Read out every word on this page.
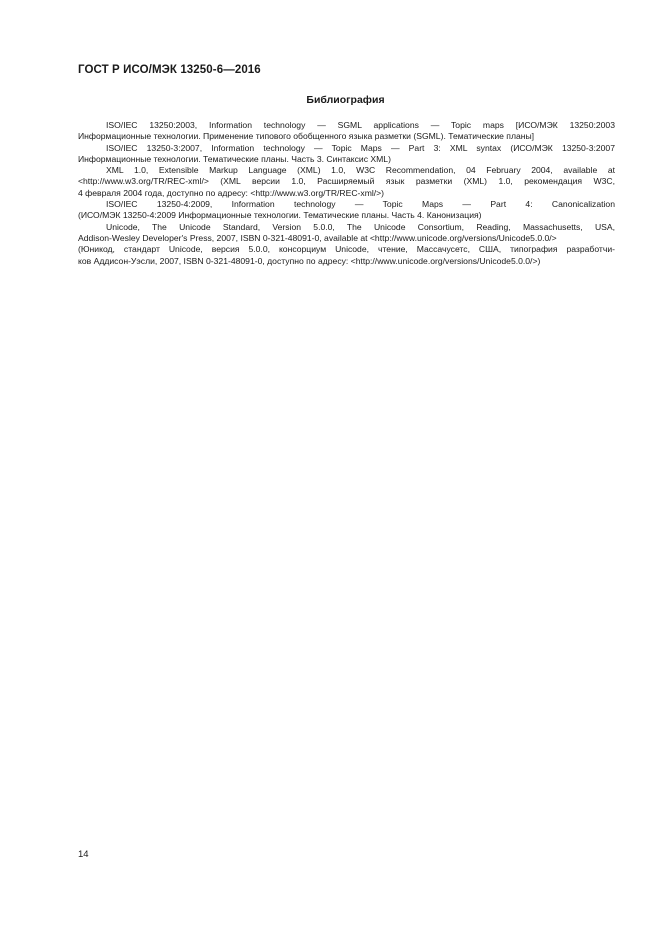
ГОСТ Р ИСО/МЭК 13250-6—2016
Библиография
ISO/IEC 13250:2003, Information technology — SGML applications — Topic maps [ИСО/МЭК 13250:2003
Информационные технологии. Применение типового обобщенного языка разметки (SGML). Тематические планы]
ISO/IEC 13250-3:2007, Information technology — Topic Maps — Part 3: XML syntax (ИСО/МЭК 13250-3:2007
Информационные технологии. Тематические планы. Часть 3. Синтаксис XML)
XML 1.0, Extensible Markup Language (XML) 1.0, W3C Recommendation, 04 February 2004, available at
<http://www.w3.org/TR/REC-xml/> (XML версии 1.0, Расширяемый язык разметки (XML) 1.0, рекомендация W3C,
4 февраля 2004 года, доступно по адресу: <http://www.w3.org/TR/REC-xml/>)
ISO/IEC 13250-4:2009, Information technology — Topic Maps — Part 4: Canonicalization
(ИСО/МЭК 13250-4:2009 Информационные технологии. Тематические планы. Часть 4. Канонизация)
Unicode, The Unicode Standard, Version 5.0.0, The Unicode Consortium, Reading, Massachusetts, USA,
Addison-Wesley Developer's Press, 2007, ISBN 0-321-48091-0, available at <http://www.unicode.org/versions/Unicode5.0.0/>
(Юникод, стандарт Unicode, версия 5.0.0, консорциум Unicode, чтение, Массачусетс, США, типография разработчи-
ков Аддисон-Уэсли, 2007, ISBN 0-321-48091-0, доступно по адресу: <http://www.unicode.org/versions/Unicode5.0.0/>)
14
